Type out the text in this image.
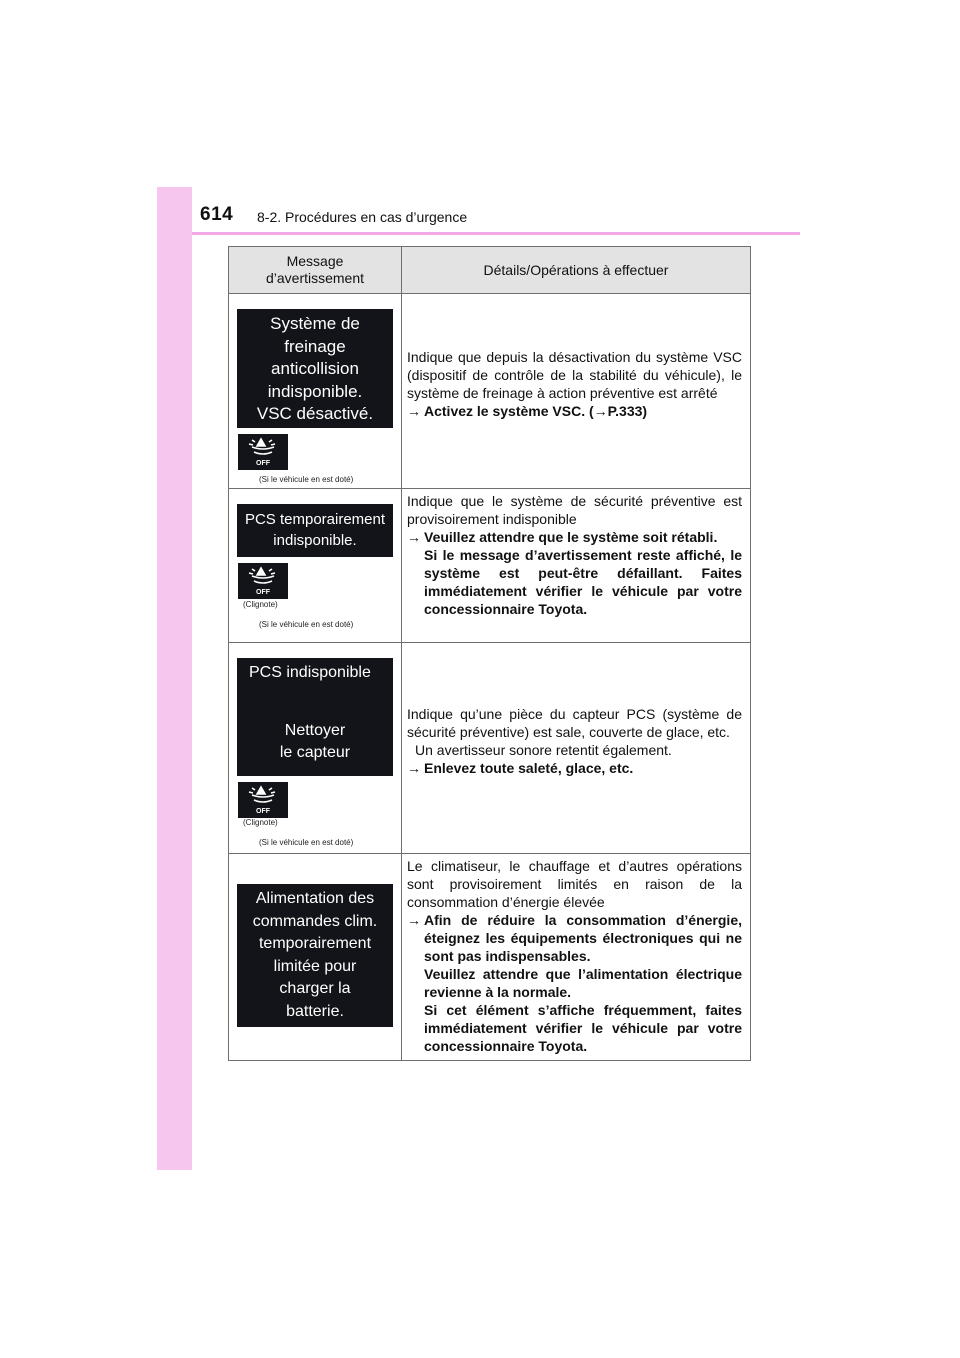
614 8-2. Procédures en cas d’urgence
Message d’avertissement
Détails/Opérations à effectuer
Système de
freinage
anticollision
indisponible.
VSC désactivé.
OFF
(Si le véhicule en est doté)

Indique que depuis la désactivation du système VSC (dispositif de contrôle de la stabilité du véhicule), le système de freinage à action préventive est arrêté

→ Activez le système VSC. (→P.333)
PCS temporairement
indisponible.
OFF
(Clignote)
(Si le véhicule en est doté)

Indique que le système de sécurité préventive est provisoirement indisponible

→ Veuillez attendre que le système soit rétabli.
Si le message d’avertissement reste affiché, le système est peut-être défaillant. Faites immédiatement vérifier le véhicule par votre concessionnaire Toyota.
PCS indisponible
Nettoyer
le capteur
OFF
(Clignote)
(Si le véhicule en est doté)

Indique qu’une pièce du capteur PCS (système de sécurité préventive) est sale, couverte de glace, etc.

Un avertisseur sonore retentit également.

→ Enlevez toute saleté, glace, etc.
Alimentation des
commandes clim.
temporairement
limitée pour
charger la
batterie.

Le climatiseur, le chauffage et d’autres opérations sont provisoirement limités en raison de la consommation d’énergie élevée

→ Afin de réduire la consommation d’énergie, éteignez les équipements électroniques qui ne sont pas indispensables.
Veuillez attendre que l’alimentation électrique revienne à la normale.
Si cet élément s’affiche fréquemment, faites immédiatement vérifier le véhicule par votre concessionnaire Toyota.
